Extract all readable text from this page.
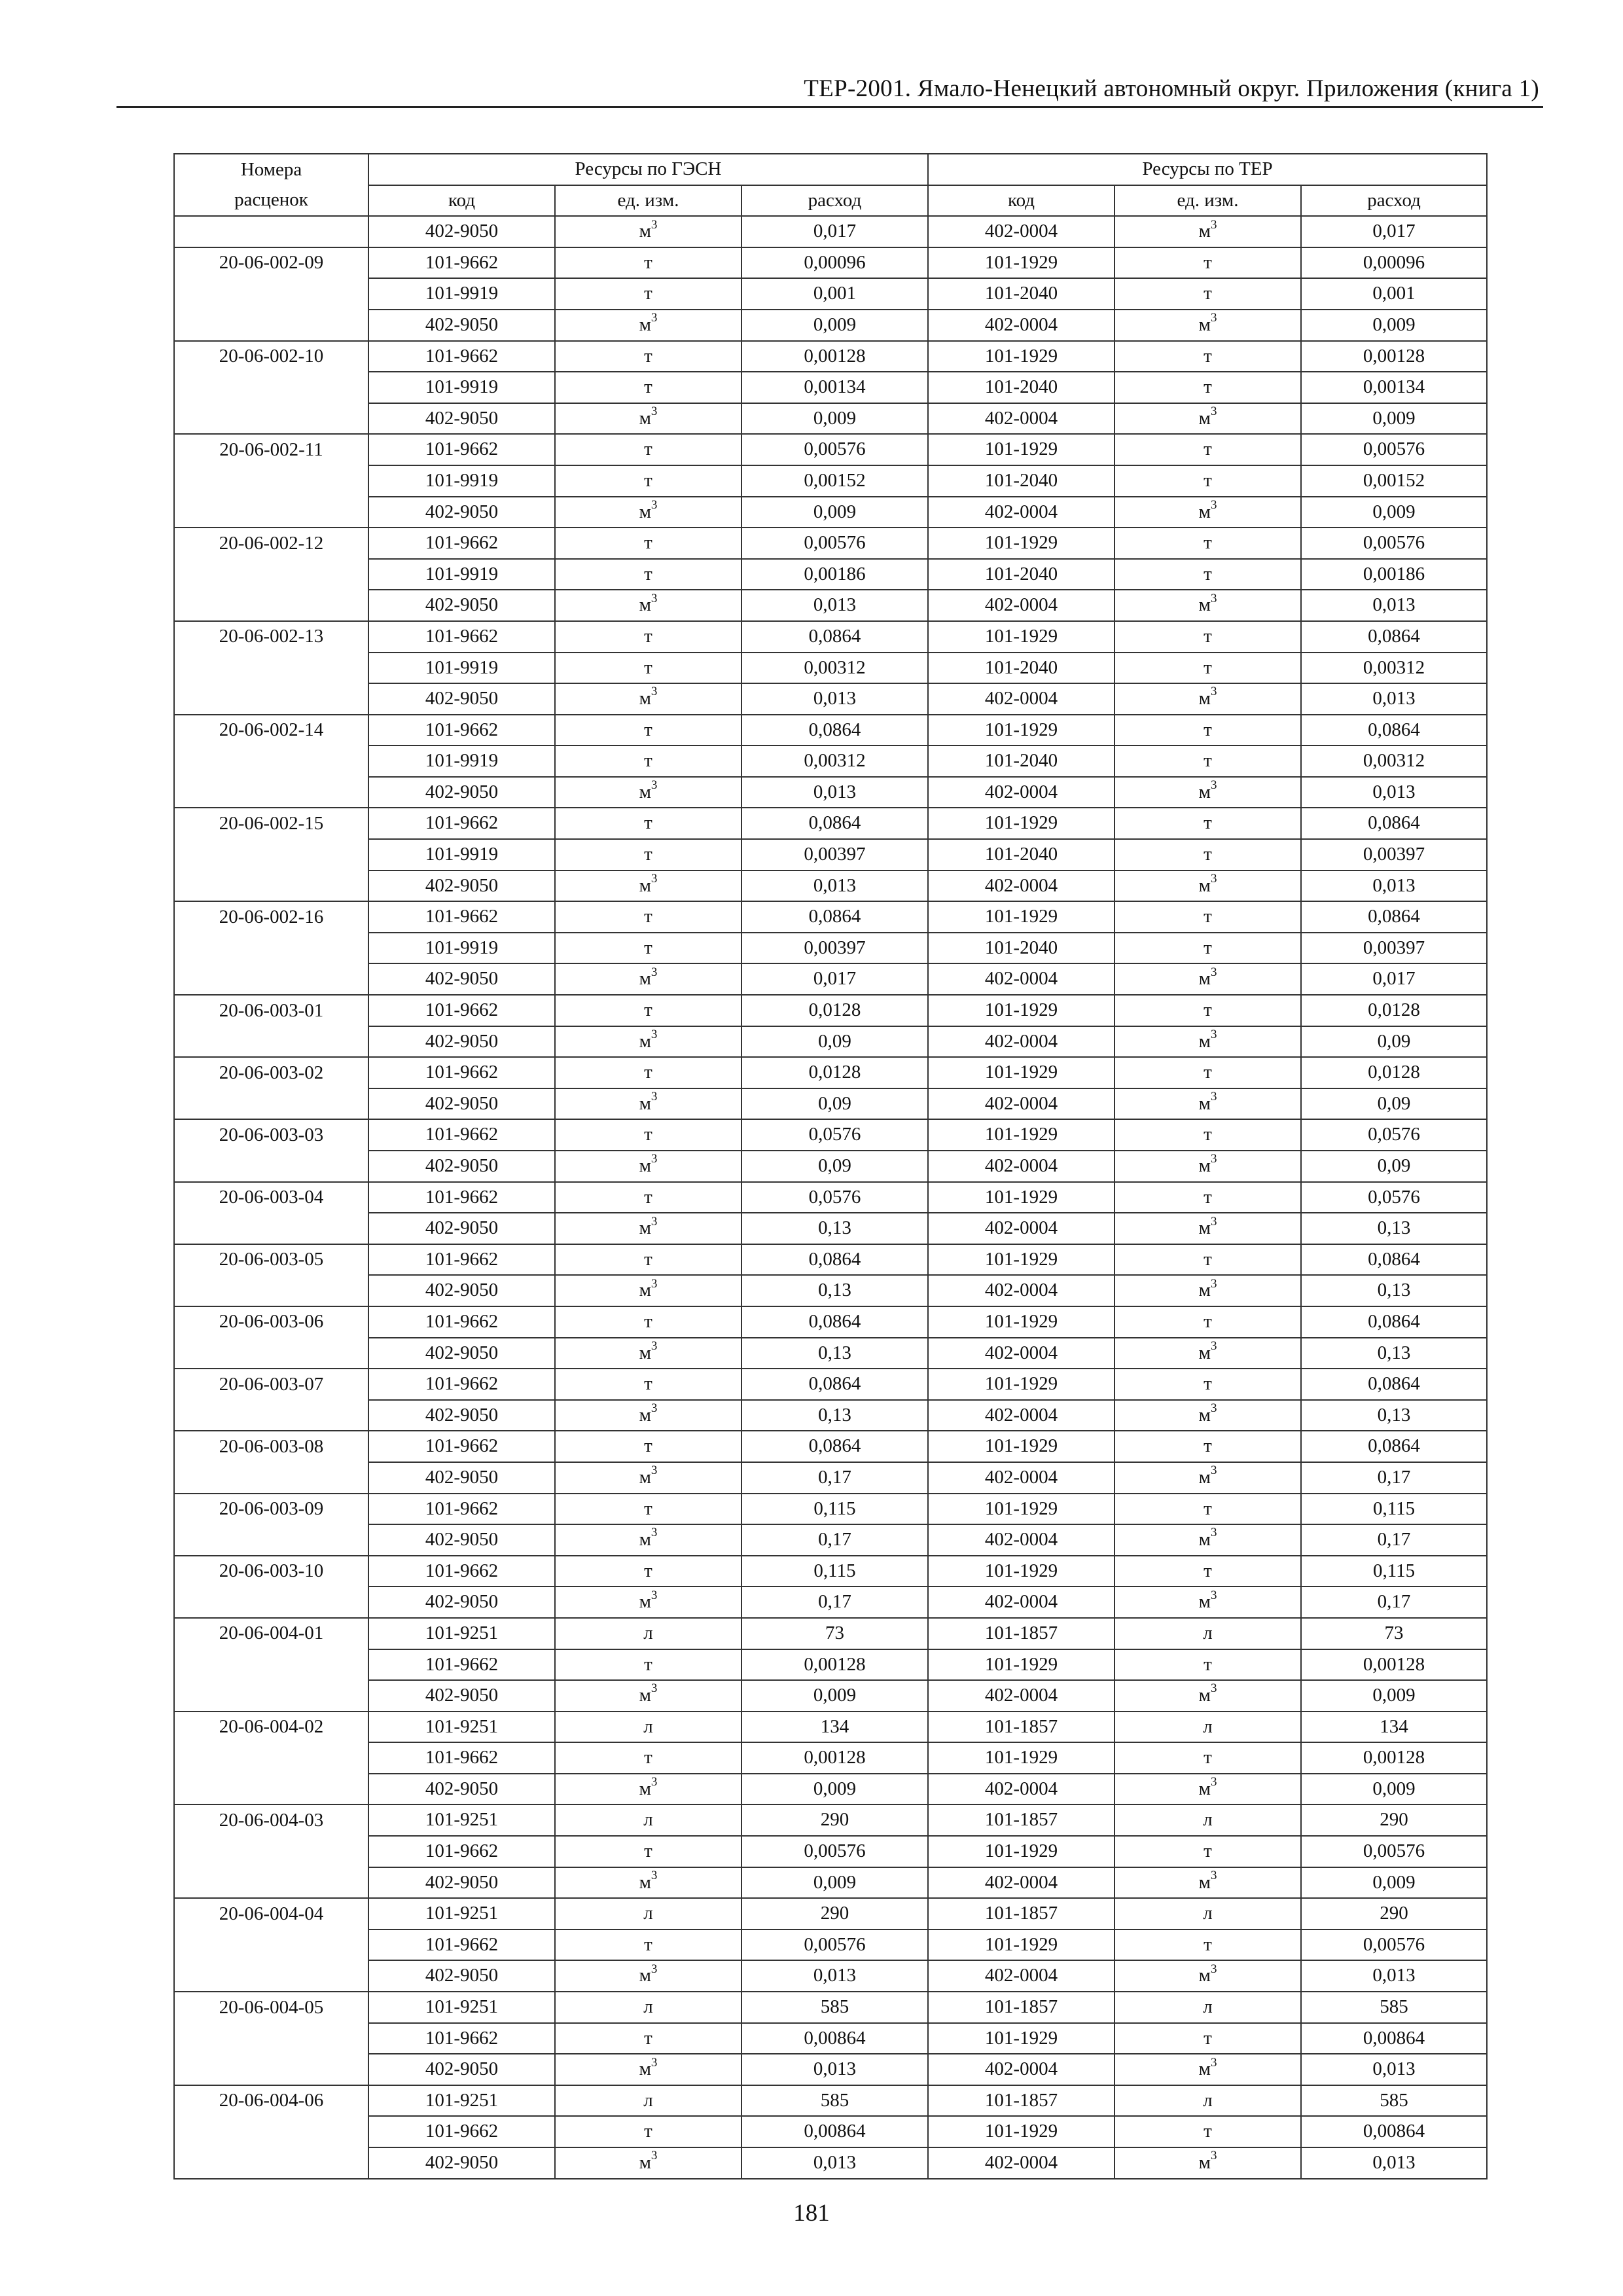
ТЕР-2001. Ямало-Ненецкий автономный округ. Приложения (книга 1)
Номера	Ресурсы по ГЭСН			Ресурсы по ТЕР		
расценок	код	ед. изм.	расход	код	ед. изм.	расход
	402-9050	$м^3$	0,017	402-0004	$м^3$	0,017
20-06-002-09	101-9662	т	0,00096	101-1929	т	0,00096
	101-9919	т	0,001	101-2040	т	0,001
	402-9050	$м^3$	0,009	402-0004	$м^3$	0,009
20-06-002-10	101-9662	т	0,00128	101-1929	т	0,00128
	101-9919	т	0,00134	101-2040	т	0,00134
	402-9050	$м^3$	0,009	402-0004	$м^3$	0,009
20-06-002-11	101-9662	т	0,00576	101-1929	т	0,00576
	101-9919	т	0,00152	101-2040	т	0,00152
	402-9050	$м^3$	0,009	402-0004	$м^3$	0,009
20-06-002-12	101-9662	т	0,00576	101-1929	т	0,00576
	101-9919	т	0,00186	101-2040	т	0,00186
	402-9050	$м^3$	0,013	402-0004	$м^3$	0,013
20-06-002-13	101-9662	т	0,0864	101-1929	т	0,0864
	101-9919	т	0,00312	101-2040	т	0,00312
	402-9050	$м^3$	0,013	402-0004	$м^3$	0,013
20-06-002-14	101-9662	т	0,0864	101-1929	т	0,0864
	101-9919	т	0,00312	101-2040	т	0,00312
	402-9050	$м^3$	0,013	402-0004	$м^3$	0,013
20-06-002-15	101-9662	т	0,0864	101-1929	т	0,0864
	101-9919	т	0,00397	101-2040	т	0,00397
	402-9050	$м^3$	0,013	402-0004	$м^3$	0,013
20-06-002-16	101-9662	т	0,0864	101-1929	т	0,0864
	101-9919	т	0,00397	101-2040	т	0,00397
	402-9050	$м^3$	0,017	402-0004	$м^3$	0,017
20-06-003-01	101-9662	т	0,0128	101-1929	т	0,0128
	402-9050	$м^3$	0,09	402-0004	$м^3$	0,09
20-06-003-02	101-9662	т	0,0128	101-1929	т	0,0128
	402-9050	$м^3$	0,09	402-0004	$м^3$	0,09
20-06-003-03	101-9662	т	0,0576	101-1929	т	0,0576
	402-9050	$м^3$	0,09	402-0004	$м^3$	0,09
20-06-003-04	101-9662	т	0,0576	101-1929	т	0,0576
	402-9050	$м^3$	0,13	402-0004	$м^3$	0,13
20-06-003-05	101-9662	т	0,0864	101-1929	т	0,0864
	402-9050	$м^3$	0,13	402-0004	$м^3$	0,13
20-06-003-06	101-9662	т	0,0864	101-1929	т	0,0864
	402-9050	$м^3$	0,13	402-0004	$м^3$	0,13
20-06-003-07	101-9662	т	0,0864	101-1929	т	0,0864
	402-9050	$м^3$	0,13	402-0004	$м^3$	0,13
20-06-003-08	101-9662	т	0,0864	101-1929	т	0,0864
	402-9050	$м^3$	0,17	402-0004	$м^3$	0,17
20-06-003-09	101-9662	т	0,115	101-1929	т	0,115
	402-9050	$м^3$	0,17	402-0004	$м^3$	0,17
20-06-003-10	101-9662	т	0,115	101-1929	т	0,115
	402-9050	$м^3$	0,17	402-0004	$м^3$	0,17
20-06-004-01	101-9251	л	73	101-1857	л	73
	101-9662	т	0,00128	101-1929	т	0,00128
	402-9050	$м^3$	0,009	402-0004	$м^3$	0,009
20-06-004-02	101-9251	л	134	101-1857	л	134
	101-9662	т	0,00128	101-1929	т	0,00128
	402-9050	$м^3$	0,009	402-0004	$м^3$	0,009
20-06-004-03	101-9251	л	290	101-1857	л	290
	101-9662	т	0,00576	101-1929	т	0,00576
	402-9050	$м^3$	0,009	402-0004	$м^3$	0,009
20-06-004-04	101-9251	л	290	101-1857	л	290
	101-9662	т	0,00576	101-1929	т	0,00576
	402-9050	$м^3$	0,013	402-0004	$м^3$	0,013
20-06-004-05	101-9251	л	585	101-1857	л	585
	101-9662	т	0,00864	101-1929	т	0,00864
	402-9050	$м^3$	0,013	402-0004	$м^3$	0,013
20-06-004-06	101-9251	л	585	101-1857	л	585
	101-9662	т	0,00864	101-1929	т	0,00864
	402-9050	$м^3$	0,013	402-0004	$м^3$	0,013
181
